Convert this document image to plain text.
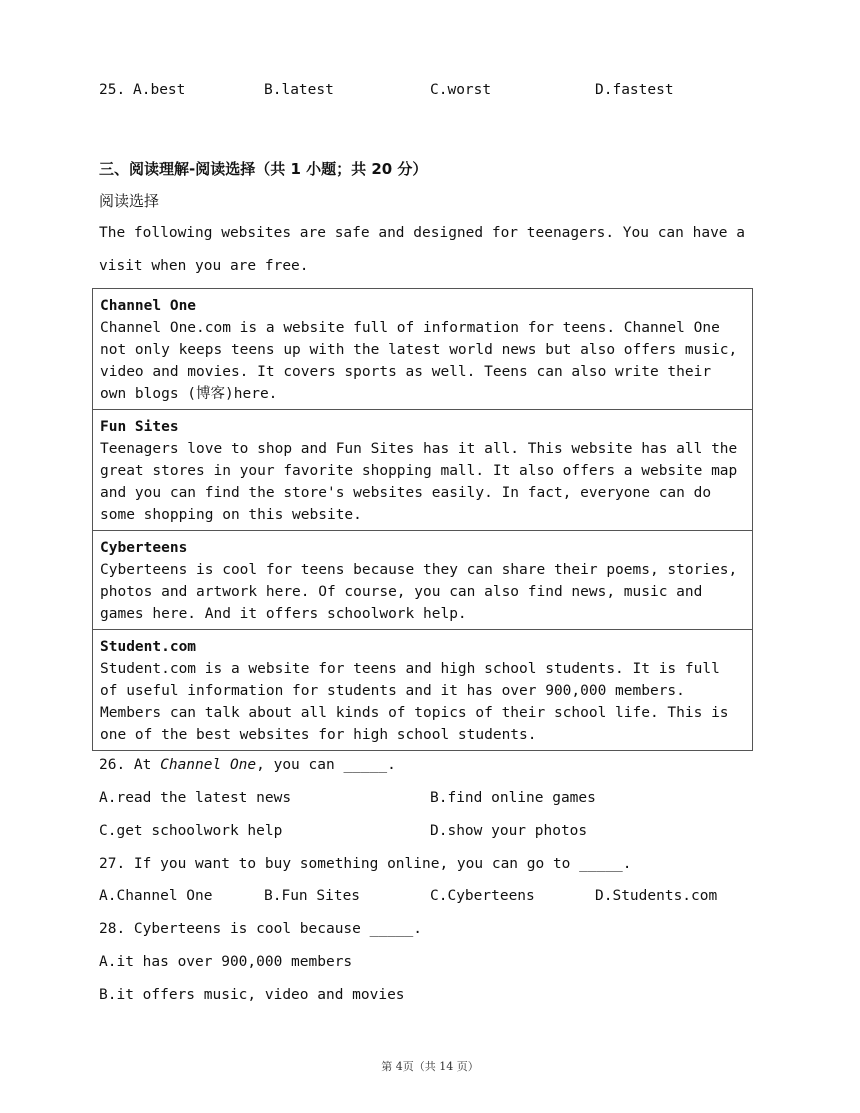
25. A.best	B.latest	C.worst	D.fastest
三、阅读理解-阅读选择（共 1 小题；共 20 分）
阅读选择
The following websites are safe and designed for teenagers. You can have a
visit when you are free.
Channel One
Channel One.com is a website full of information for teens. Channel One not only keeps teens up with the latest world news but also offers music, video and movies. It covers sports as well. Teens can also write their own blogs (博客)here.

Fun Sites
Teenagers love to shop and Fun Sites has it all. This website has all the great stores in your favorite shopping mall. It also offers a website map and you can find the store's websites easily. In fact, everyone can do some shopping on this website.

Cyberteens
Cyberteens is cool for teens because they can share their poems, stories, photos and artwork here. Of course, you can also find news, music and games here. And it offers schoolwork help.

Student.com
Student.com is a website for teens and high school students. It is full of useful information for students and it has over 900,000 members. Members can talk about all kinds of topics of their school life. This is one of the best websites for high school students.
26. At Channel One, you can _____.
A.read the latest news	B.find online games
C.get schoolwork help	D.show your photos
27. If you want to buy something online, you can go to _____.
A.Channel One	B.Fun Sites	C.Cyberteens	D.Students.com
28. Cyberteens is cool because _____.
A.it has over 900,000 members
B.it offers music, video and movies
第 4页（共 14 页）
